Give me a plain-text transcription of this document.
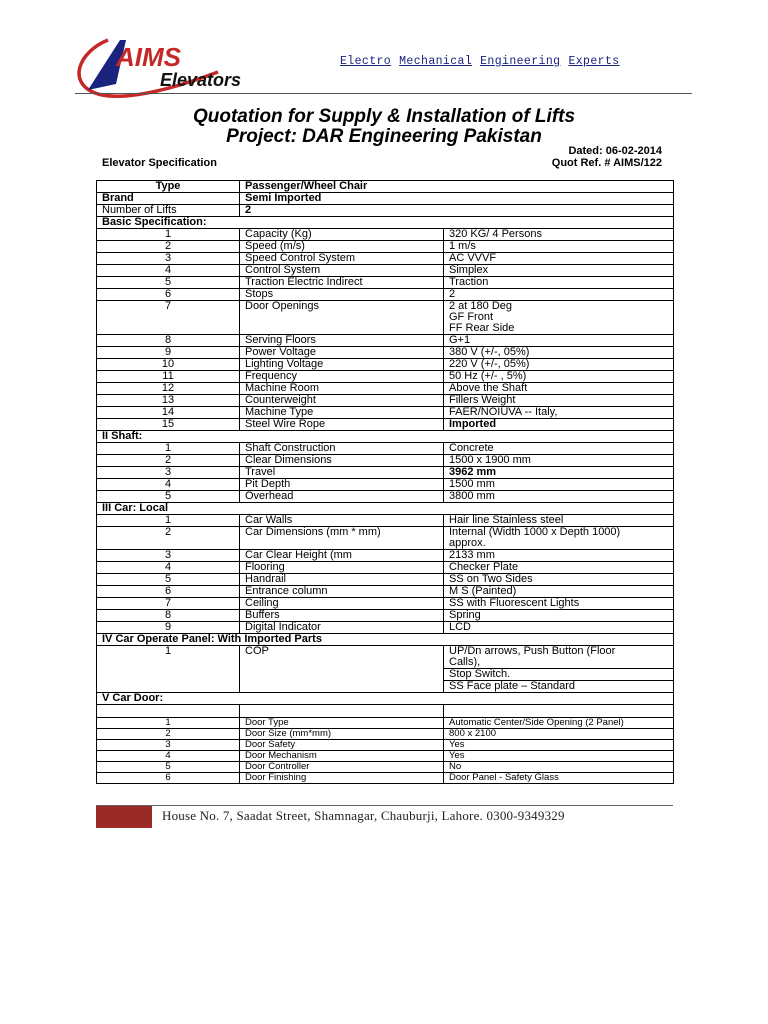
AIMS
Elevators
Electro Mechanical Engineering Experts
Quotation for Supply & Installation of Lifts
Project: DAR Engineering Pakistan
Dated: 06-02-2014
Elevator Specification	Quot Ref. # AIMS/122
Type	Passenger/Wheel Chair	
Brand	Semi Imported	
Number of Lifts	2	
Basic Specification:		
1	Capacity (Kg)	320 KG/ 4 Persons

2	Speed (m/s)	1 m/s

3	Speed Control System	AC VVVF

4	Control System	Simplex

5	Traction Electric Indirect	Traction

6	Stops	2

7	Door Openings	2 at 180 Deg
GF Front
FF Rear Side

8	Serving Floors	G+1

9	Power Voltage	380 V (+/-, 05%)

10	Lighting Voltage	220 V (+/-, 05%)

11	Frequency	50 Hz (+/- , 5%)

12	Machine Room	Above the Shaft

13	Counterweight	Fillers Weight

14	Machine Type	FAER/NOIUVA -- Italy,

15	Steel Wire Rope	Imported

II Shaft:		
1	Shaft Construction	Concrete

2	Clear Dimensions	1500 x 1900 mm

3	Travel	3962 mm

4	Pit Depth	1500 mm

5	Overhead	3800 mm

III Car: Local		
1	Car Walls	Hair line Stainless steel

2	Car Dimensions (mm * mm)	Internal (Width 1000 x Depth 1000)
approx.

3	Car Clear Height (mm	2133 mm

4	Flooring	Checker Plate

5	Handrail	SS on Two Sides

6	Entrance column	M S (Painted)

7	Ceiling	SS with Fluorescent Lights

8	Buffers	Spring

9	Digital Indicator	LCD

IV Car Operate Panel: With Imported Parts		
1	COP	UP/Dn arrows, Push Button (Floor
Calls),

		Stop Switch.
		SS Face plate – Standard
V Car Door:		

1	Door Type	Automatic Center/Side Opening (2 Panel)
2	Door Size (mm*mm)	800 x 2100
3	Door Safety	Yes
4	Door Mechanism	Yes
5	Door Controller	No
6	Door Finishing	Door Panel - Safety Glass
House No. 7, Saadat Street, Shamnagar, Chauburji, Lahore. 0300-9349329
